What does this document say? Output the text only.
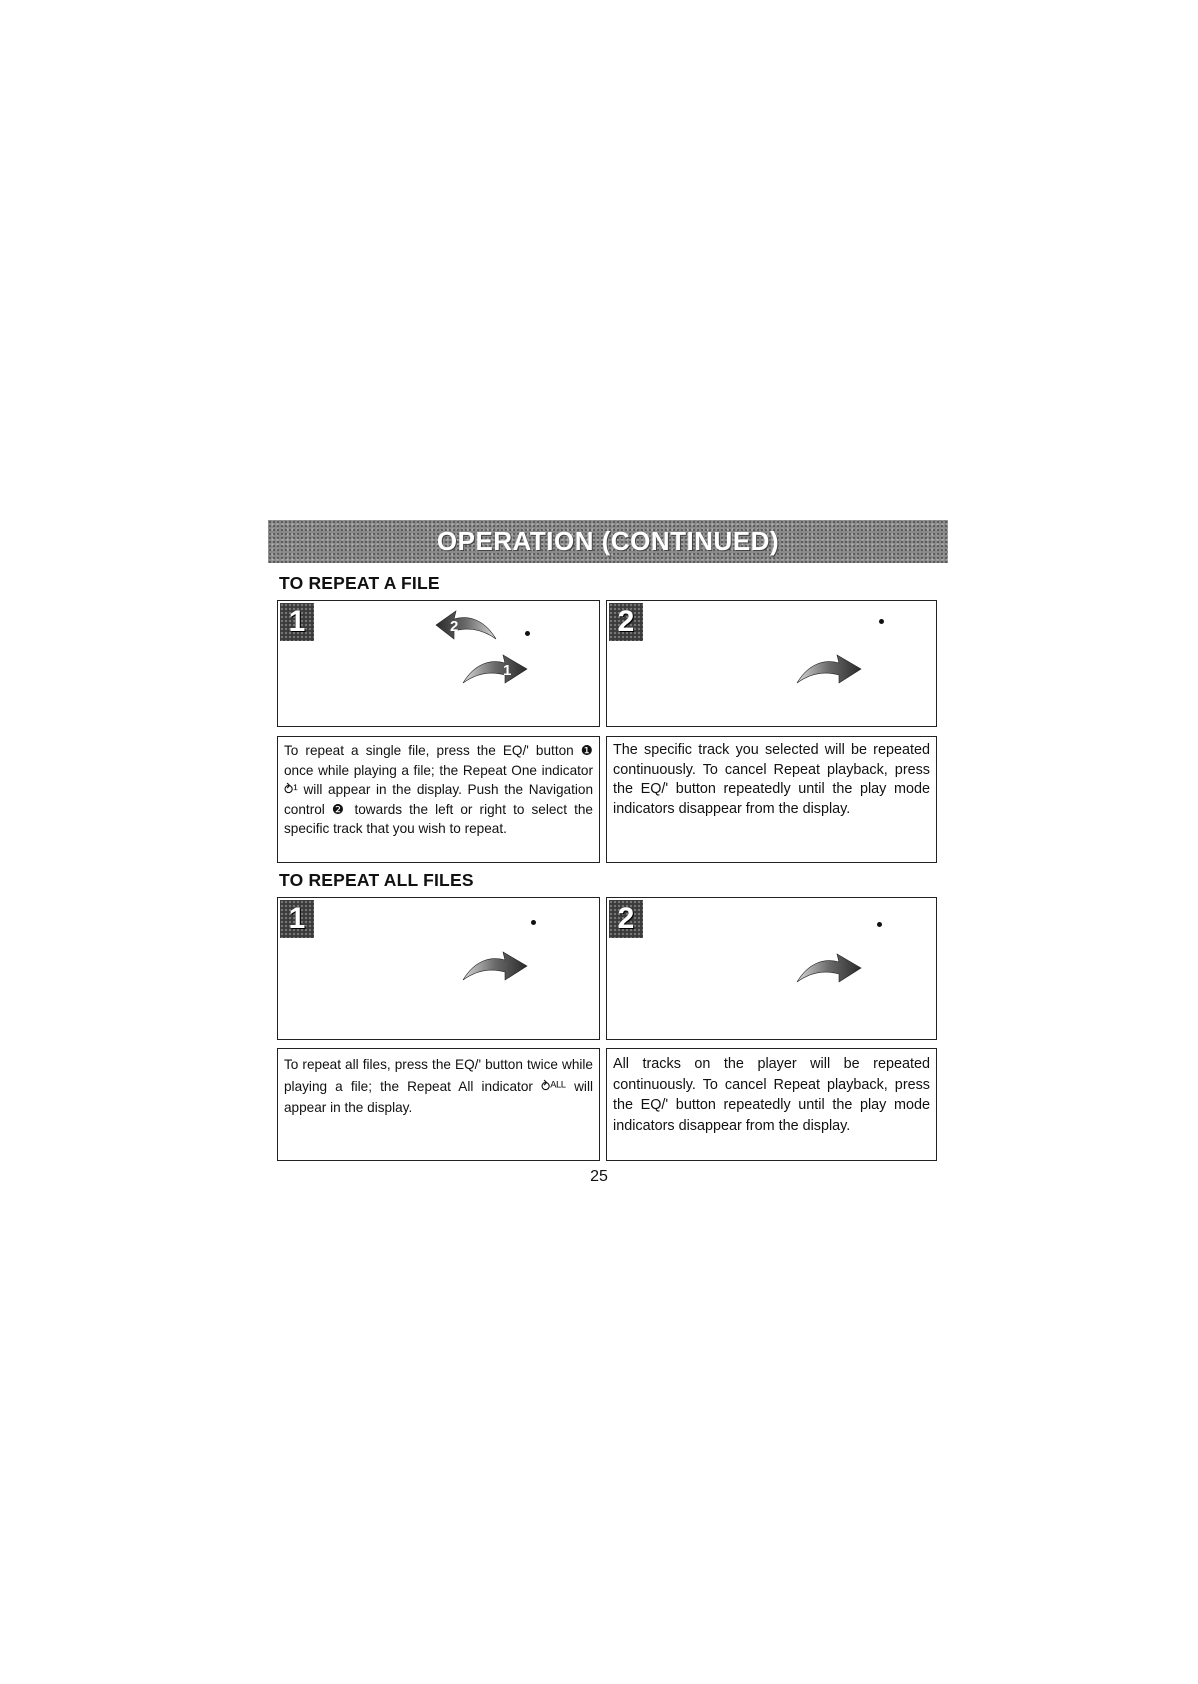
OPERATION (CONTINUED)
TO REPEAT A FILE
1	2
1
2
To repeat a single file, press the EQ/ʹ button ❶ once while playing a file; the Repeat One indicator ⥁¹ will appear in the display. Push the Navigation control ❷ towards the left or right to select the specific track that you wish to repeat.
The specific track you selected will be repeated continuously. To cancel Repeat playback, press the EQ/ʹ button repeatedly until the play mode indicators disappear from the display.
TO REPEAT ALL FILES
1	2
To repeat all files, press the EQ/ʹ button twice while playing a file; the Repeat All indicator ⥁ᴬᴸᴸ will appear in the display.
All tracks on the player will be repeated continuously. To cancel Repeat playback, press the EQ/ʹ button repeatedly until the play mode indicators disappear from the display.
25
